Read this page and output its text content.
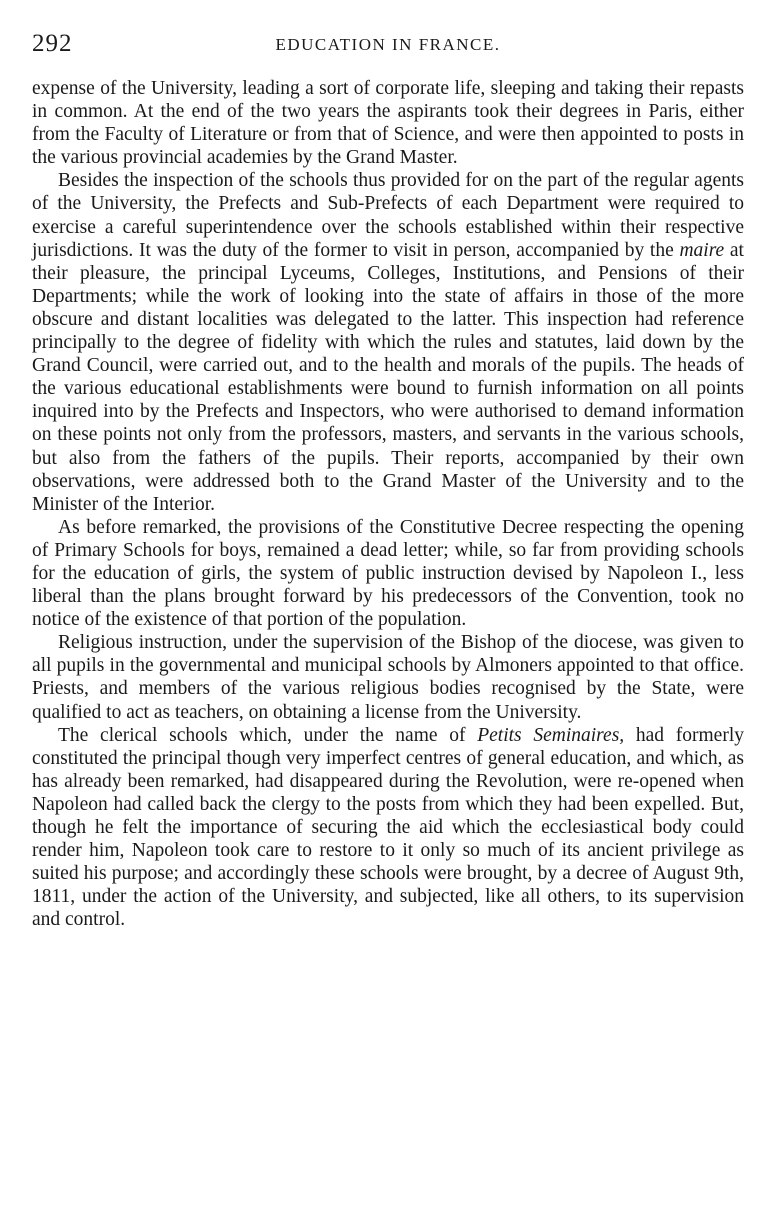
292	EDUCATION IN FRANCE.

expense of the University, leading a sort of corporate life, sleeping and taking their repasts in common. At the end of the two years the aspirants took their degrees in Paris, either from the Faculty of Literature or from that of Science, and were then appointed to posts in the various provincial academies by the Grand Master.

Besides the inspection of the schools thus provided for on the part of the regular agents of the University, the Prefects and Sub-Prefects of each Department were required to exercise a careful superintendence over the schools established within their respective jurisdictions. It was the duty of the former to visit in person, accompanied by the maire at their pleasure, the principal Lyceums, Colleges, Institutions, and Pensions of their Departments; while the work of looking into the state of affairs in those of the more obscure and distant localities was delegated to the latter. This inspection had reference principally to the degree of fidelity with which the rules and statutes, laid down by the Grand Council, were carried out, and to the health and morals of the pupils. The heads of the various educational establishments were bound to furnish information on all points inquired into by the Prefects and Inspectors, who were authorised to demand information on these points not only from the professors, masters, and servants in the various schools, but also from the fathers of the pupils. Their reports, accompanied by their own observations, were addressed both to the Grand Master of the University and to the Minister of the Interior.

As before remarked, the provisions of the Constitutive Decree respecting the opening of Primary Schools for boys, remained a dead letter; while, so far from providing schools for the education of girls, the system of public instruction devised by Napoleon I., less liberal than the plans brought forward by his predecessors of the Convention, took no notice of the existence of that portion of the population.

Religious instruction, under the supervision of the Bishop of the diocese, was given to all pupils in the governmental and municipal schools by Almoners appointed to that office. Priests, and members of the various religious bodies recognised by the State, were qualified to act as teachers, on obtaining a license from the University.

The clerical schools which, under the name of Petits Seminaires, had formerly constituted the principal though very imperfect centres of general education, and which, as has already been remarked, had disappeared during the Revolution, were re-opened when Napoleon had called back the clergy to the posts from which they had been expelled. But, though he felt the importance of securing the aid which the ecclesiastical body could render him, Napoleon took care to restore to it only so much of its ancient privilege as suited his purpose; and accordingly these schools were brought, by a decree of August 9th, 1811, under the action of the University, and subjected, like all others, to its supervision and control.
